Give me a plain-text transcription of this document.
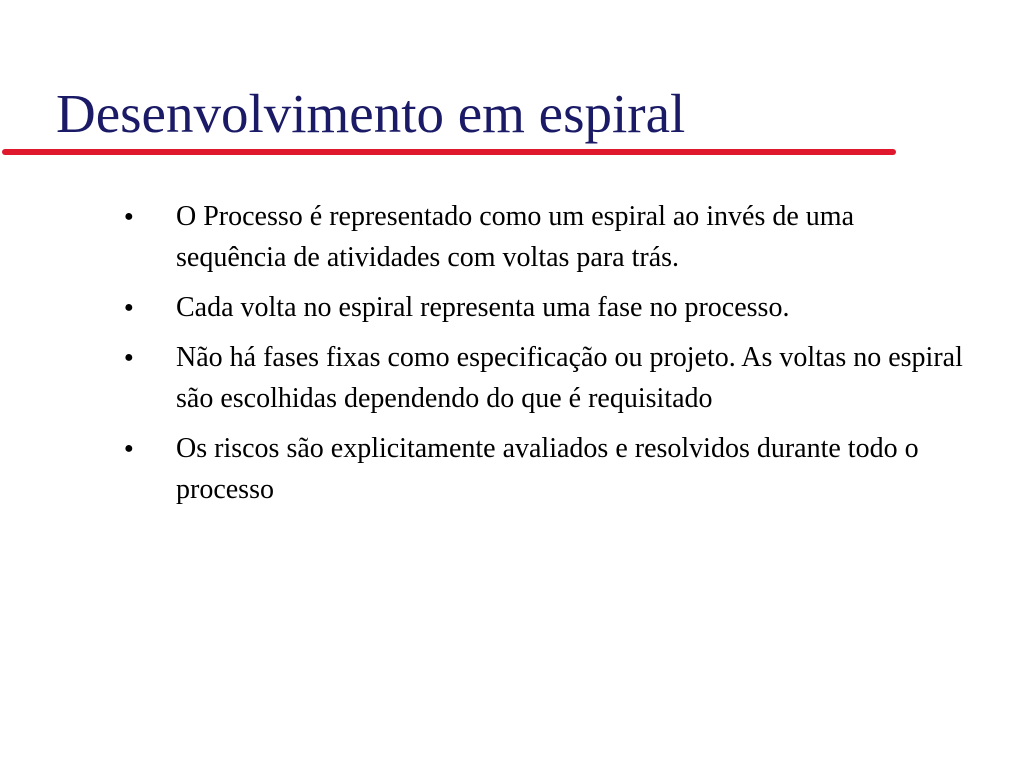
Desenvolvimento em espiral
●	O Processo é representado como um espiral ao invés de uma sequência de atividades com voltas para trás.
●	Cada volta no espiral representa uma fase no processo.
●	Não há fases fixas como especificação ou projeto. As voltas no espiral são escolhidas dependendo do que é requisitado
●	Os riscos são explicitamente avaliados e resolvidos durante todo o processo
